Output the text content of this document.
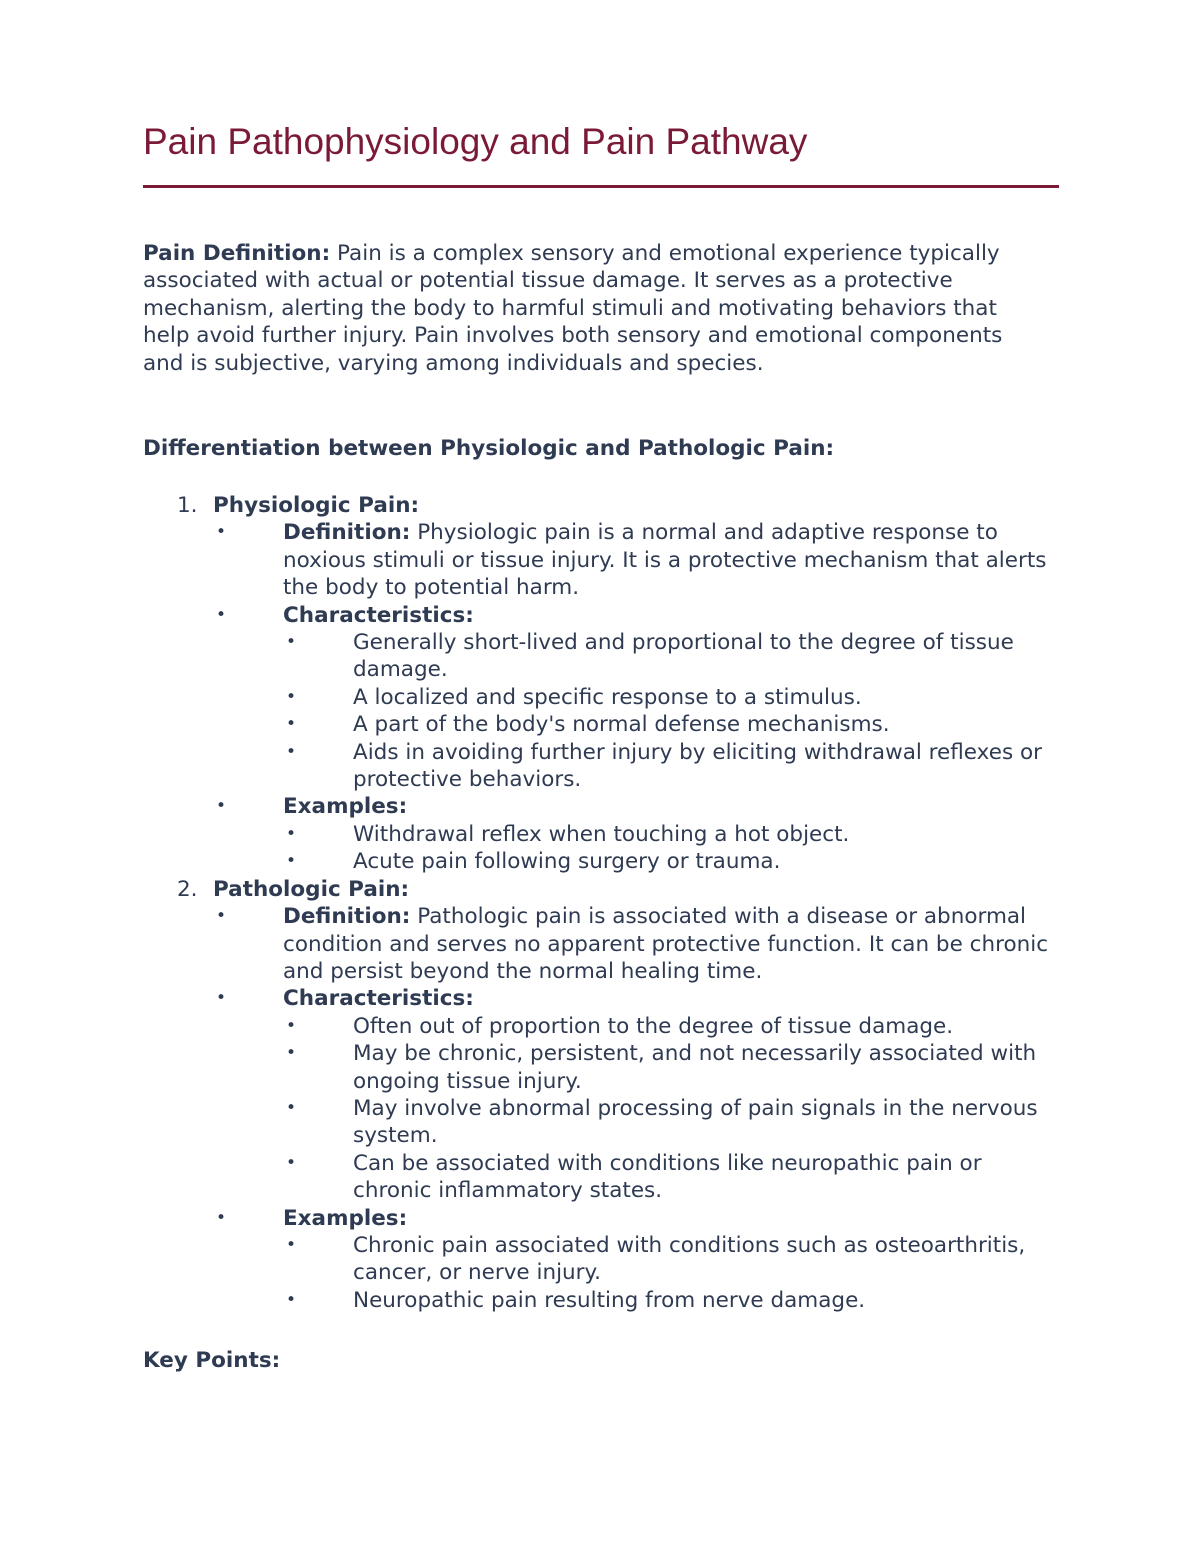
Pain Pathophysiology and Pain Pathway

Pain Definition: Pain is a complex sensory and emotional experience typically associated with actual or potential tissue damage. It serves as a protective mechanism, alerting the body to harmful stimuli and motivating behaviors that help avoid further injury. Pain involves both sensory and emotional components and is subjective, varying among individuals and species.

Differentiation between Physiologic and Pathologic Pain:

1. Physiologic Pain:
•	Definition: Physiologic pain is a normal and adaptive response to noxious stimuli or tissue injury. It is a protective mechanism that alerts the body to potential harm.
•	Characteristics:
•	Generally short-lived and proportional to the degree of tissue damage.
•	A localized and specific response to a stimulus.
•	A part of the body's normal defense mechanisms.
•	Aids in avoiding further injury by eliciting withdrawal reflexes or protective behaviors.
•	Examples:
•	Withdrawal reflex when touching a hot object.
•	Acute pain following surgery or trauma.
2. Pathologic Pain:
•	Definition: Pathologic pain is associated with a disease or abnormal condition and serves no apparent protective function. It can be chronic and persist beyond the normal healing time.
•	Characteristics:
•	Often out of proportion to the degree of tissue damage.
•	May be chronic, persistent, and not necessarily associated with ongoing tissue injury.
•	May involve abnormal processing of pain signals in the nervous system.
•	Can be associated with conditions like neuropathic pain or chronic inflammatory states.
•	Examples:
•	Chronic pain associated with conditions such as osteoarthritis, cancer, or nerve injury.
•	Neuropathic pain resulting from nerve damage.

Key Points:
